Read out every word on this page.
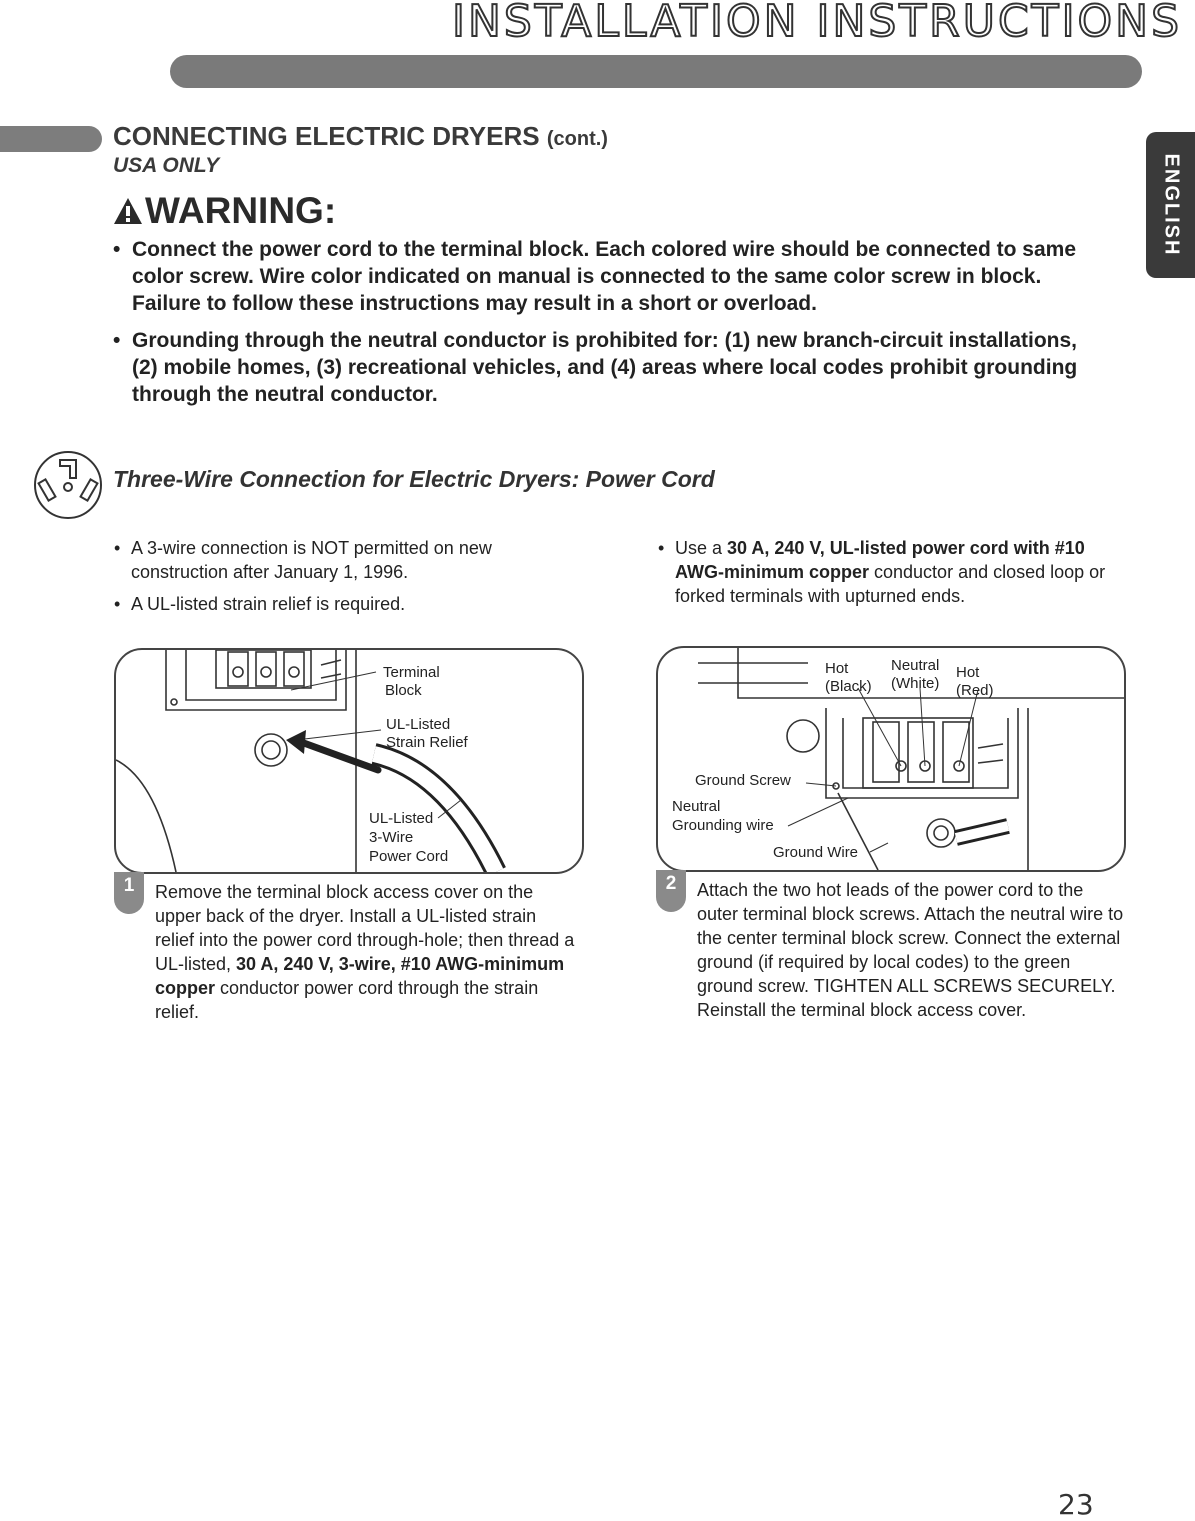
INSTALLATION INSTRUCTIONS
ENGLISH
CONNECTING ELECTRIC DRYERS (cont.)
USA ONLY
WARNING:
• Connect the power cord to the terminal block. Each colored wire should be connected to same color screw. Wire color indicated on manual is connected to the same color screw in block. Failure to follow these instructions may result in a short or overload.
• Grounding through the neutral conductor is prohibited for: (1) new branch-circuit installations, (2) mobile homes, (3) recreational vehicles, and (4) areas where local codes prohibit grounding through the neutral conductor.
Three-Wire Connection for Electric Dryers: Power Cord
• A 3-wire connection is NOT permitted on new construction after January 1, 1996.
• A UL-listed strain relief is required.
• Use a 30 A, 240 V, UL-listed power cord with #10 AWG-minimum copper conductor and closed loop or forked terminals with upturned ends.
Terminal
Block
UL-Listed
Strain Relief
UL-Listed
3-Wire
Power Cord
1	Remove the terminal block access cover on the upper back of the dryer. Install a UL-listed strain relief into the power cord through-hole; then thread a UL-listed, 30 A, 240 V, 3-wire, #10 AWG-minimum copper conductor power cord through the strain relief.
Hot
(Black)
Neutral
(White)
Hot
(Red)
Ground Screw
Neutral
Grounding wire
Ground Wire
2	Attach the two hot leads of the power cord to the outer terminal block screws. Attach the neutral wire to the center terminal block screw. Connect the external ground (if required by local codes) to the green ground screw. TIGHTEN ALL SCREWS SECURELY. Reinstall the terminal block access cover.
23
